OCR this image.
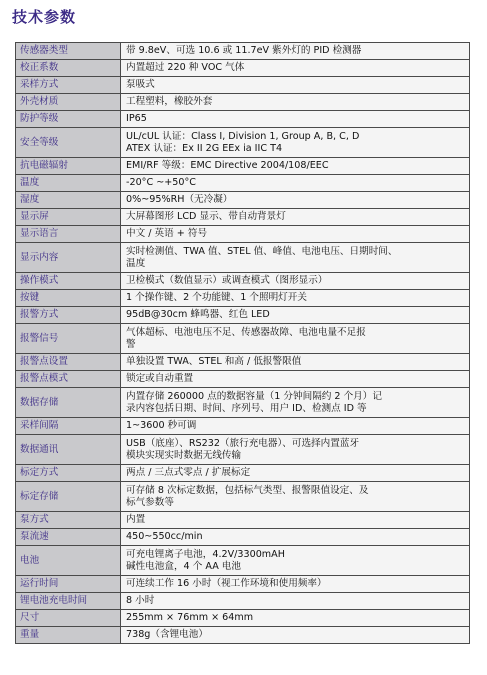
技术参数
传感器类型	带 9.8eV、可选 10.6 或 11.7eV 紫外灯的 PID 检测器
校正系数	内置超过 220 种 VOC 气体
采样方式	泵吸式
外壳材质	工程塑料，橡胶外套
防护等级	IP65
安全等级	UL/cUL 认证：Class I, Division 1, Group A, B, C, D
ATEX 认证：Ex II 2G EEx ia IIC T4
抗电磁辐射	EMI/RF 等级：EMC Directive 2004/108/EEC
温度	-20°C ~+50°C
湿度	0%~95%RH（无冷凝）
显示屏	大屏幕图形 LCD 显示、带自动背景灯
显示语言	中文 / 英语 + 符号
显示内容	实时检测值、TWA 值、STEL 值、峰值、电池电压、日期时间、
温度
操作模式	卫检模式（数值显示）或调查模式（图形显示）
按键	1 个操作键、2 个功能键、1 个照明灯开关
报警方式	95dB@30cm 蜂鸣器、红色 LED
报警信号	气体超标、电池电压不足、传感器故障、电池电量不足报
警
报警点设置	单独设置 TWA、STEL 和高 / 低报警限值
报警点模式	锁定或自动重置
数据存储	内置存储 260000 点的数据容量（1 分钟间隔约 2 个月）记
录内容包括日期、时间、序列号、用户 ID、检测点 ID 等
采样间隔	1~3600 秒可调
数据通讯	USB（底座）、RS232（旅行充电器）、可选择内置蓝牙
模块实现实时数据无线传输
标定方式	两点 / 三点式零点 / 扩展标定
标定存储	可存储 8 次标定数据，包括标气类型、报警限值设定、及
标气参数等
泵方式	内置
泵流速	450~550cc/min
电池	可充电锂离子电池，4.2V/3300mAH
碱性电池盒，4 个 AA 电池
运行时间	可连续工作 16 小时（视工作环境和使用频率）
锂电池充电时间	8 小时
尺寸	255mm × 76mm × 64mm
重量	738g（含锂电池）
